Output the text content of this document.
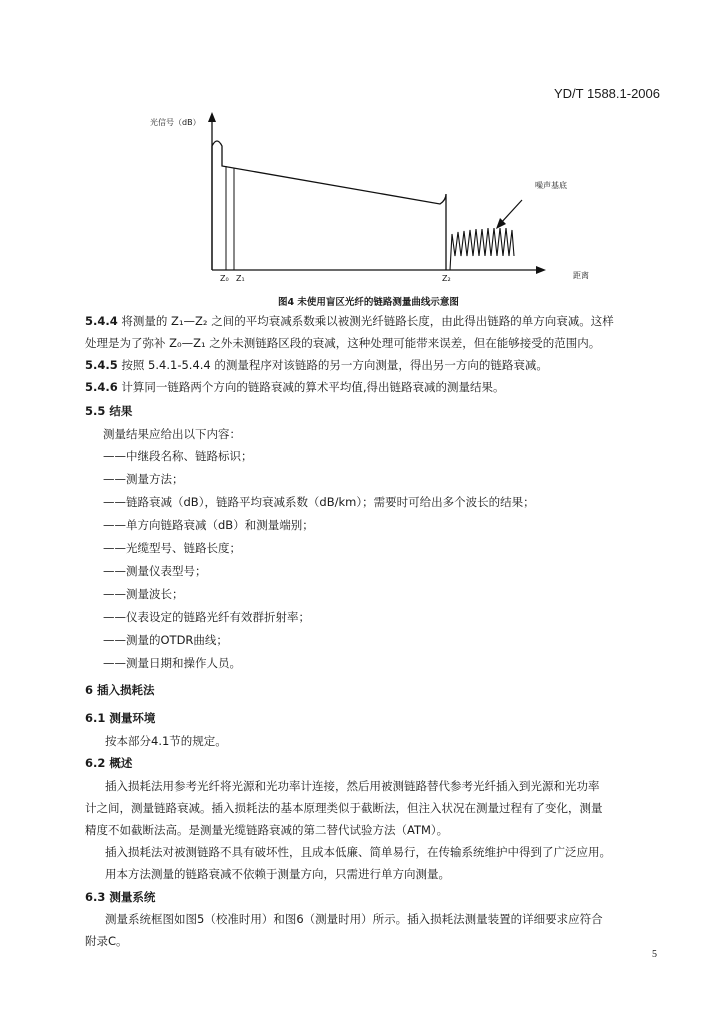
YD/T 1588.1-2006
光信号（dB）
噪声基底
距离
Z₀ Z₁	Z₂
图4 未使用盲区光纤的链路测量曲线示意图
5.4.4 将测量的 Z₁—Z₂ 之间的平均衰减系数乘以被测光纤链路长度，由此得出链路的单方向衰减。这样
处理是为了弥补 Z₀—Z₁ 之外未测链路区段的衰减，这种处理可能带来误差，但在能够接受的范围内。
5.4.5 按照 5.4.1-5.4.4 的测量程序对该链路的另一方向测量，得出另一方向的链路衰减。
5.4.6 计算同一链路两个方向的链路衰减的算术平均值,得出链路衰减的测量结果。
5.5 结果
测量结果应给出以下内容：
——中继段名称、链路标识；
——测量方法；
——链路衰减（dB），链路平均衰减系数（dB/km）；需要时可给出多个波长的结果；
——单方向链路衰减（dB）和测量端别；
——光缆型号、链路长度；
——测量仪表型号；
——测量波长；
——仪表设定的链路光纤有效群折射率；
——测量的OTDR曲线；
——测量日期和操作人员。
6 插入损耗法
6.1 测量环境
按本部分4.1节的规定。
6.2 概述
插入损耗法用参考光纤将光源和光功率计连接，然后用被测链路替代参考光纤插入到光源和光功率
计之间，测量链路衰减。插入损耗法的基本原理类似于截断法，但注入状况在测量过程有了变化，测量
精度不如截断法高。是测量光缆链路衰减的第二替代试验方法（ATM）。
插入损耗法对被测链路不具有破坏性，且成本低廉、简单易行，在传输系统维护中得到了广泛应用。
用本方法测量的链路衰减不依赖于测量方向，只需进行单方向测量。
6.3 测量系统
测量系统框图如图5（校准时用）和图6（测量时用）所示。插入损耗法测量装置的详细要求应符合
附录C。
5
